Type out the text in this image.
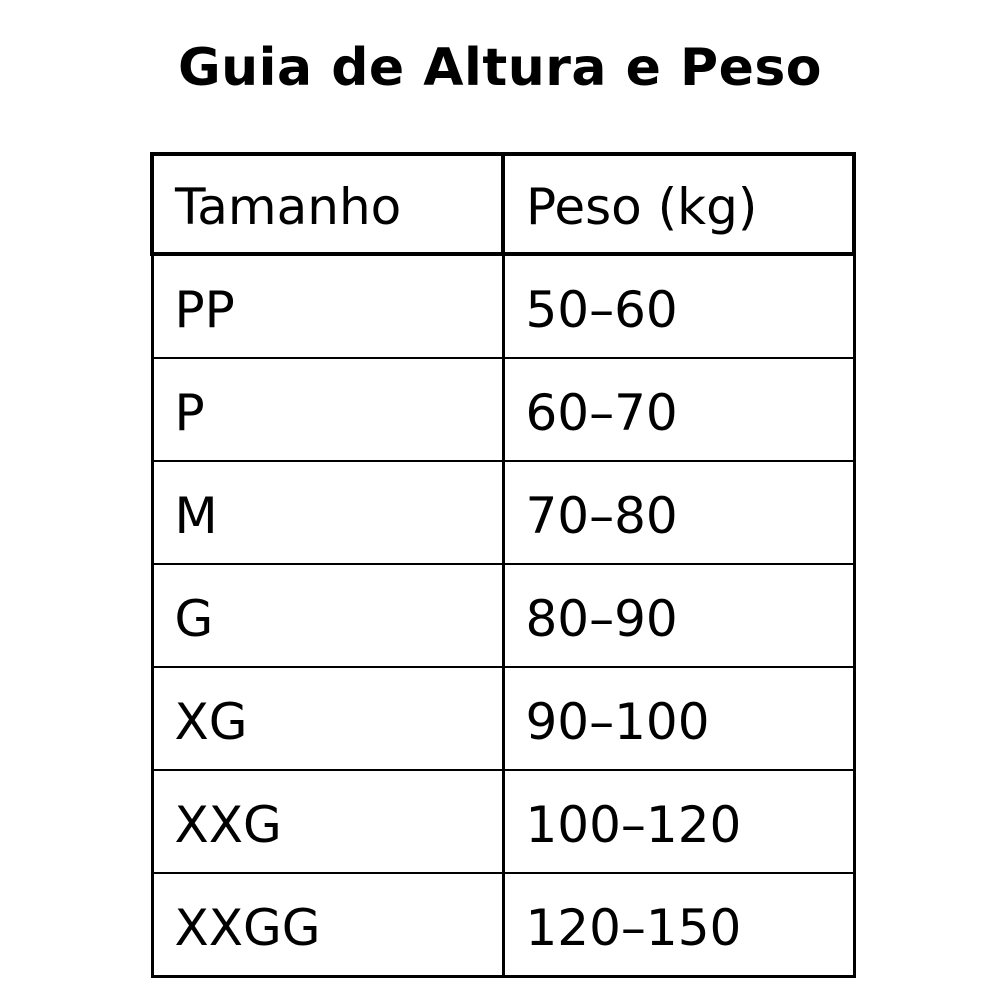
Guia de Altura e Peso
Tamanho	Peso (kg)
PP	50–60
P	60–70
M	70–80
G	80–90
XG	90–100
XXG	100–120
XXGG	120–150
